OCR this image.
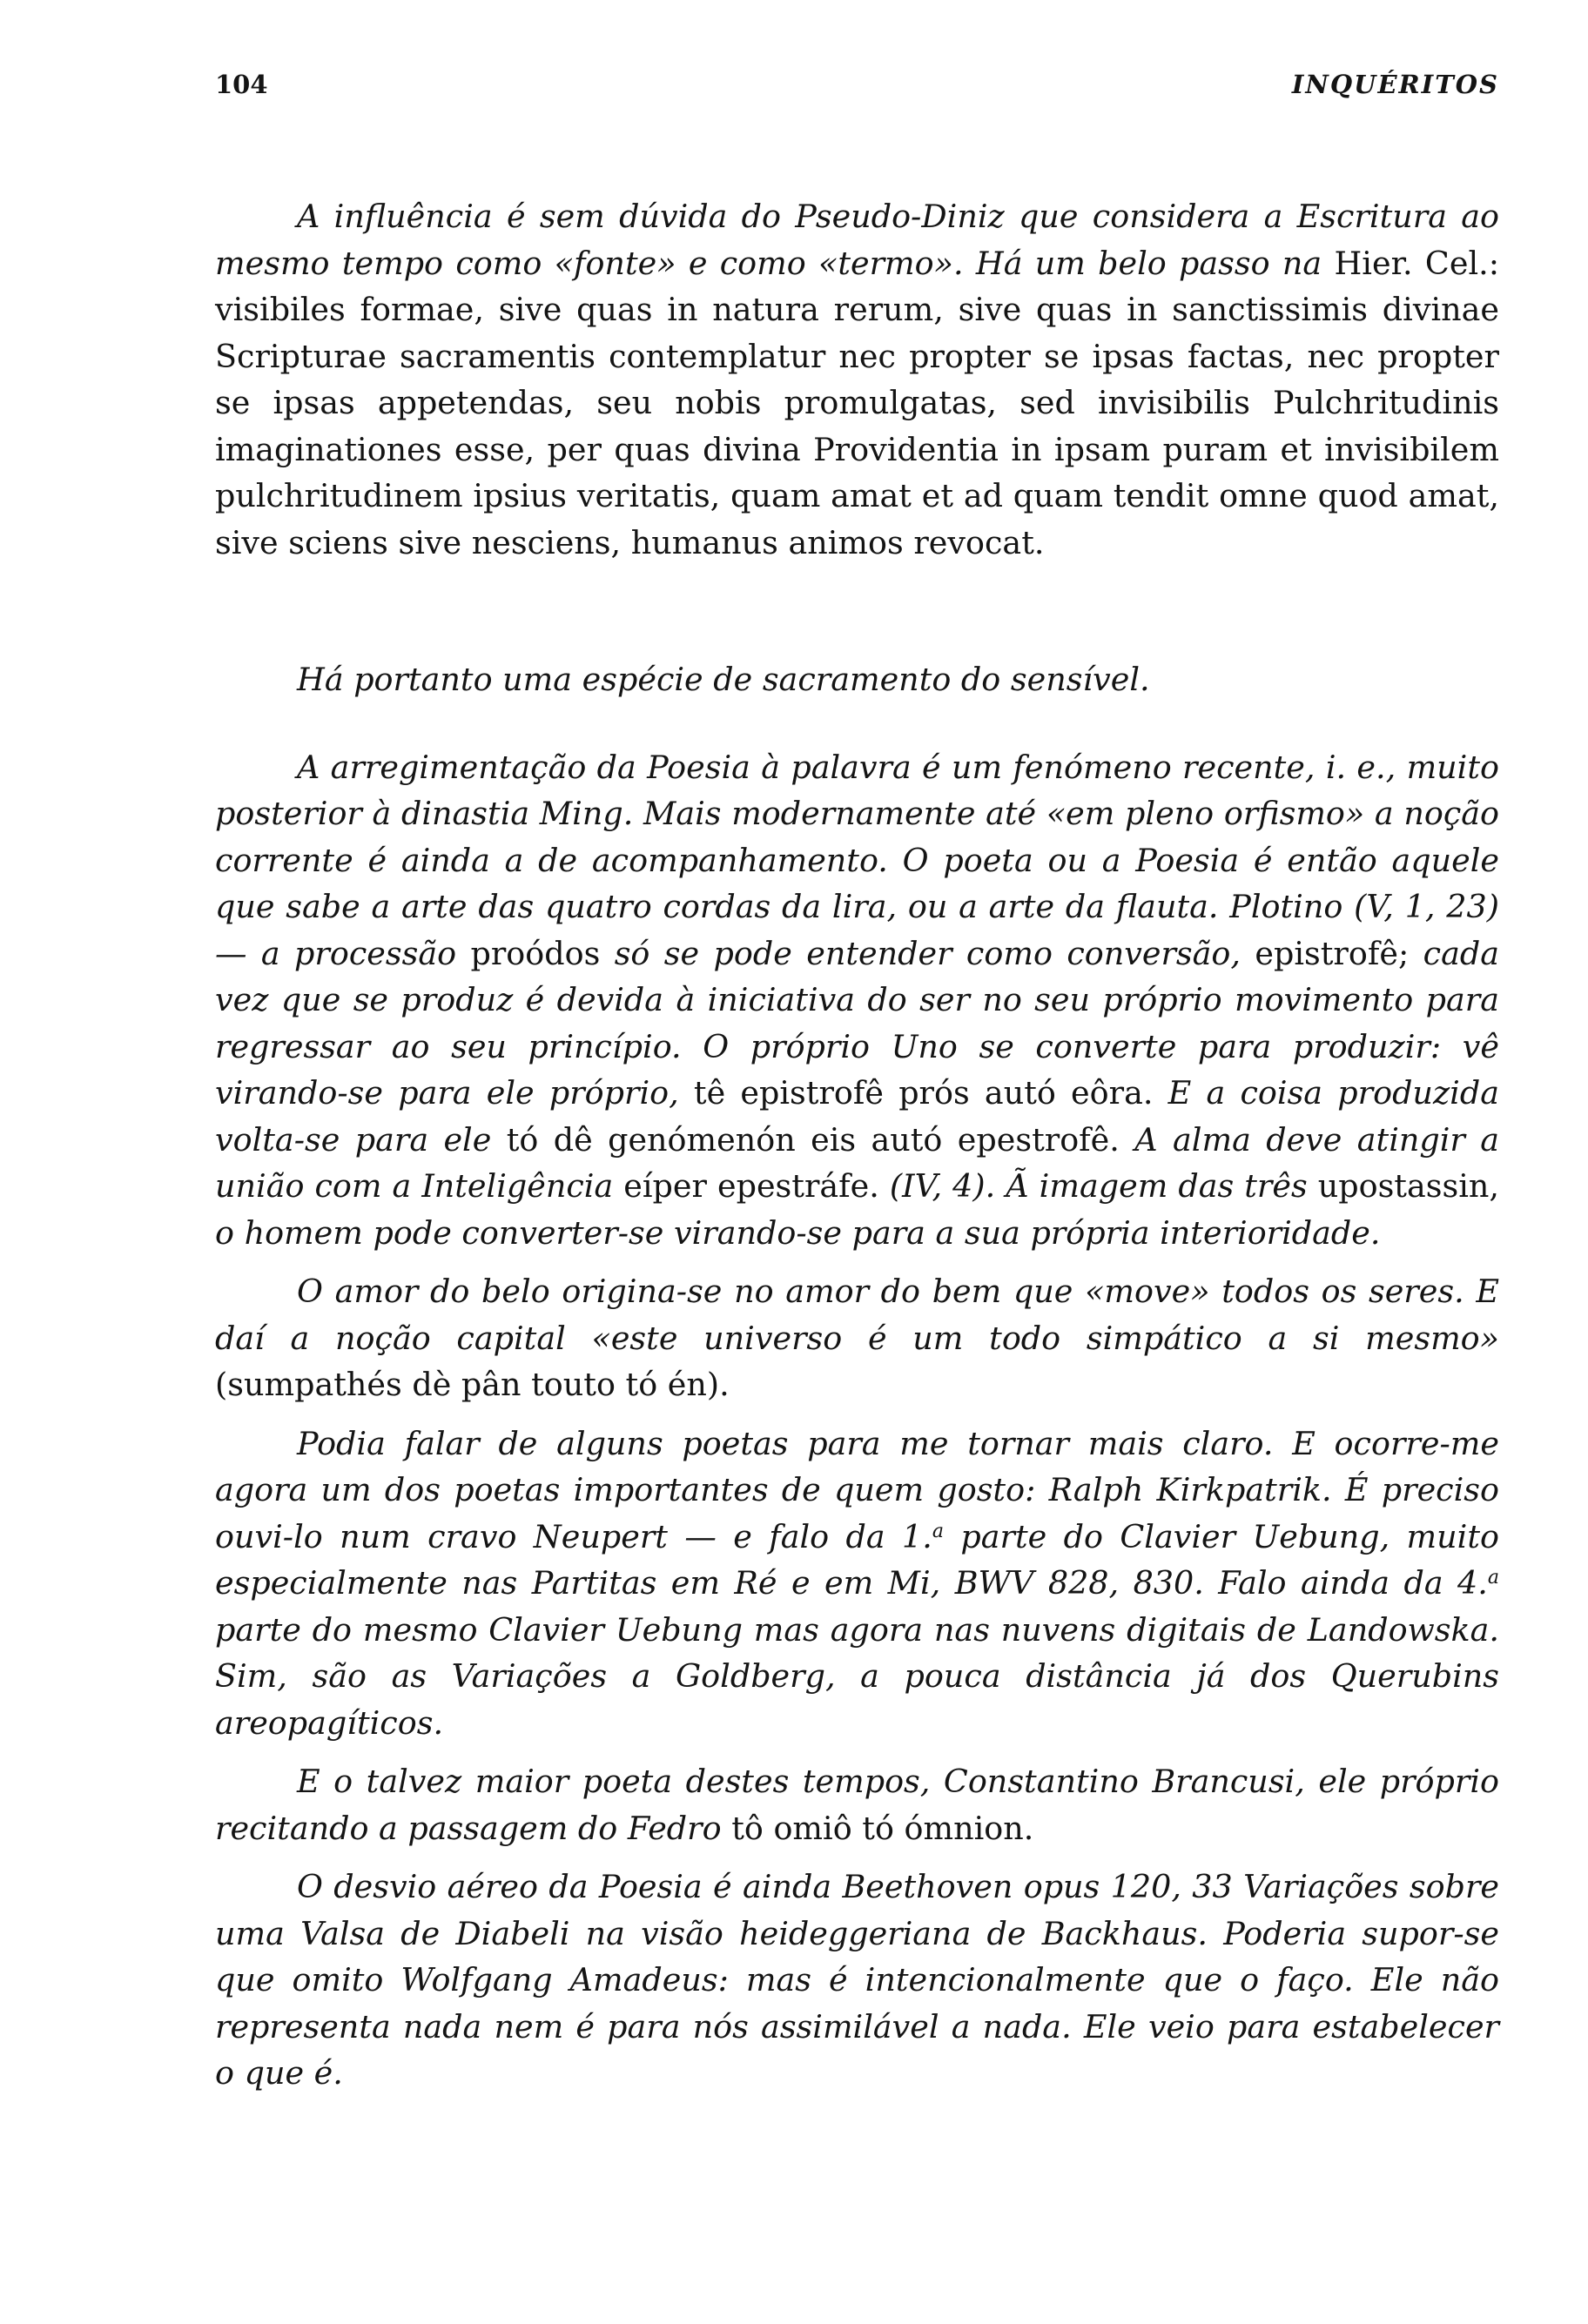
104	INQUÉRITOS

A influência é sem dúvida do Pseudo-Diniz que considera a Escritura ao mesmo tempo como «fonte» e como «termo». Há um belo passo na Hier. Cel.: visibiles formae, sive quas in natura rerum, sive quas in sanctissimis divinae Scripturae sacramentis contemplatur nec propter se ipsas factas, nec propter se ipsas appetendas, seu nobis promulgatas, sed invisibilis Pulchritudinis imaginationes esse, per quas divina Providentia in ipsam puram et invisibilem pulchritudinem ipsius veritatis, quam amat et ad quam tendit omne quod amat, sive sciens sive nesciens, humanus animos revocat.

Há portanto uma espécie de sacramento do sensível.

A arregimentação da Poesia à palavra é um fenómeno recente, i. e., muito posterior à dinastia Ming. Mais modernamente até «em pleno orfismo» a noção corrente é ainda a de acompanhamento. O poeta ou a Poesia é então aquele que sabe a arte das quatro cordas da lira, ou a arte da flauta. Plotino (V, 1, 23) — a processão proódos só se pode entender como conversão, epistrofê; cada vez que se produz é devida à iniciativa do ser no seu próprio movimento para regressar ao seu princípio. O próprio Uno se converte para produzir: vê virando-se para ele próprio, tê epistrofê prós autó eôra. E a coisa produzida volta-se para ele tó dê genómenón eis autó epestrofê. A alma deve atingir a união com a Inteligência eíper epestráfe. (IV, 4). Ã imagem das três upostassin, o homem pode converter-se virando-se para a sua própria interioridade.

O amor do belo origina-se no amor do bem que «move» todos os seres. E daí a noção capital «este universo é um todo simpático a si mesmo» (sumpathés dè pân touto tó én).

Podia falar de alguns poetas para me tornar mais claro. E ocorre-me agora um dos poetas importantes de quem gosto: Ralph Kirkpatrik. É preciso ouvi-lo num cravo Neupert — e falo da 1.$^a$ parte do Clavier Uebung, muito especialmente nas Partitas em Ré e em Mi, BWV 828, 830. Falo ainda da 4.$^a$ parte do mesmo Clavier Uebung mas agora nas nuvens digitais de Landowska. Sim, são as Variações a Goldberg, a pouca distância já dos Querubins areopagíticos.

E o talvez maior poeta destes tempos, Constantino Brancusi, ele próprio recitando a passagem do Fedro tô omiô tó ómnion.

O desvio aéreo da Poesia é ainda Beethoven opus 120, 33 Variações sobre uma Valsa de Diabeli na visão heideggeriana de Backhaus. Poderia supor-se que omito Wolfgang Amadeus: mas é intencionalmente que o faço. Ele não representa nada nem é para nós assimilável a nada. Ele veio para estabelecer o que é.
